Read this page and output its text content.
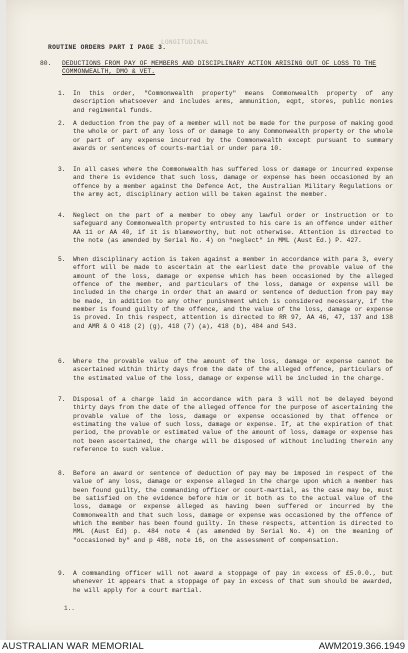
LONGITUDINAL
ROUTINE ORDERS PART I PAGE 3.
80. DEDUCTIONS FROM PAY OF MEMBERS AND DISCIPLINARY ACTION ARISING OUT OF LOSS TO THE COMMONWEALTH, DMO & VET.
1. In this order, "Commonwealth property" means Commonwealth property of any description whatsoever and includes arms, ammunition, eqpt, stores, public monies and regimental funds.
2. A deduction from the pay of a member will not be made for the purpose of making good the whole or part of any loss of or damage to any Commonwealth property or the whole or part of any expense incurred by the Commonwealth except pursuant to summary awards or sentences of courts-martial or under para 10.
3. In all cases where the Commonwealth has suffered loss or damage or incurred expense and there is evidence that such loss, damage or expense has been occasioned by an offence by a member against the Defence Act, the Australian Military Regulations or the army act, disciplinary action will be taken against the member.
4. Neglect on the part of a member to obey any lawful order or instruction or to safeguard any Commonwealth property entrusted to his care is an offence under either AA 11 or AA 40, if it is blameworthy, but not otherwise. Attention is directed to the note (as amended by Serial No. 4) on "neglect" in MML (Aust Ed.) P. 427.
5. When disciplinary action is taken against a member in accordance with para 3, every effort will be made to ascertain at the earliest date the provable value of the amount of the loss, damage or expense which has been occasioned by the alleged offence of the member, and particulars of the loss, damage or expense will be included in the charge in order that an award or sentence of deduction from pay may be made, in addition to any other punishment which is considered necessary, if the member is found guilty of the offence, and the value of the loss, damage or expense is proved. In this respect, attention is directed to RR 97, AA 46, 47, 137 and 138 and AMR & O 418 (2) (g), 418 (7) (a), 418 (b), 484 and 543.
6. Where the provable value of the amount of the loss, damage or expense cannot be ascertained within thirty days from the date of the alleged offence, particulars of the estimated value of the loss, damage or expense will be included in the charge.
7. Disposal of a charge laid in accordance with para 3 will not be delayed beyond thirty days from the date of the alleged offence for the purpose of ascertaining the provable value of the loss, damage or expense occasioned by that offence or estimating the value of such loss, damage or expense. If, at the expiration of that period, the provable or estimated value of the amount of loss, damage or expense has not been ascertained, the charge will be disposed of without including therein any reference to such value.
8. Before an award or sentence of deduction of pay may be imposed in respect of the value of any loss, damage or expense alleged in the charge upon which a member has been found guilty, the commanding officer or court-martial, as the case may be, must be satisfied on the evidence before him or it both as to the actual value of the loss, damage or expense alleged as having been suffered or incurred by the Commonwealth and that such loss, damage or expense was occasioned by the offence of which the member has been found guilty. In these respects, attention is directed to MML (Aust Ed) p. 484 note 4 (as amended by Serial No. 4) on the meaning of "occasioned by" and p 488, note 16, on the assessment of compensation.
9. A commanding officer will not award a stoppage of pay in excess of £5.0.0., but whenever it appears that a stoppage of pay in excess of that sum should be awarded, he will apply for a court martial.
1..
AUSTRALIAN WAR MEMORIAL	AWM2019.366.1949
